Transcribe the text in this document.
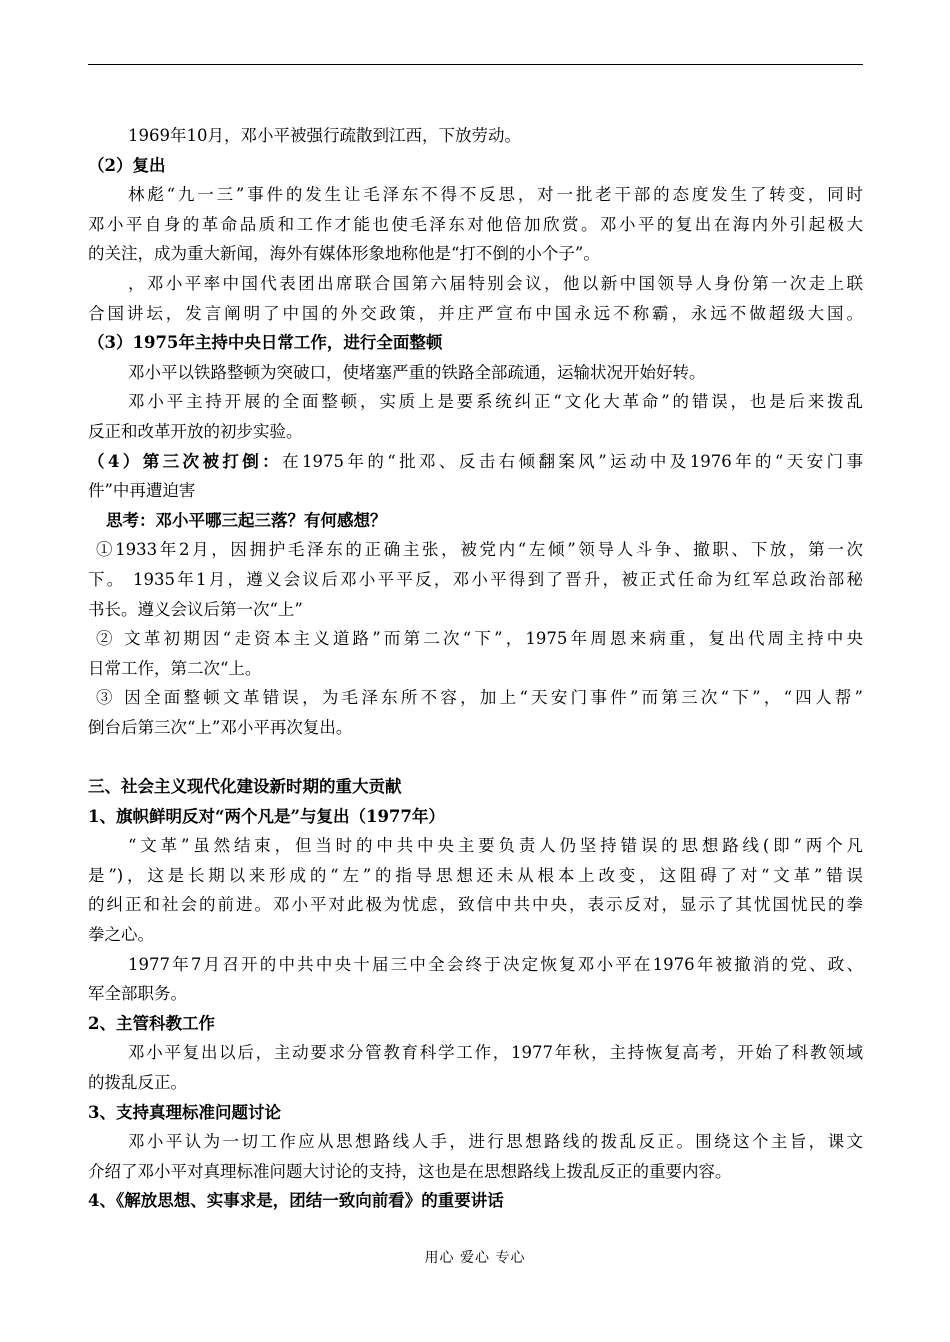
1969年10月，邓小平被强行疏散到江西，下放劳动。
（2）复出
林彪“九一三”事件的发生让毛泽东不得不反思，对一批老干部的态度发生了转变，同时
邓小平自身的革命品质和工作才能也使毛泽东对他倍加欣赏。邓小平的复出在海内外引起极大
的关注，成为重大新闻，海外有媒体形象地称他是“打不倒的小个子”。
，邓小平率中国代表团出席联合国第六届特别会议，他以新中国领导人身份第一次走上联
合国讲坛，发言阐明了中国的外交政策，并庄严宣布中国永远不称霸，永远不做超级大国。
（3）1975年主持中央日常工作，进行全面整顿
邓小平以铁路整顿为突破口，使堵塞严重的铁路全部疏通，运输状况开始好转。
邓小平主持开展的全面整顿，实质上是要系统纠正“文化大革命”的错误，也是后来拨乱
反正和改革开放的初步实验。
（4）第三次被打倒：在1975年的“批邓、反击右倾翻案风”运动中及1976年的“天安门事
件”中再遭迫害
思考：邓小平哪三起三落？有何感想？
①1933年2月，因拥护毛泽东的正确主张，被党内“左倾”领导人斗争、撤职、下放，第一次
下。 1935年1月，遵义会议后邓小平平反，邓小平得到了晋升，被正式任命为红军总政治部秘
书长。遵义会议后第一次“上”
② 文革初期因“走资本主义道路”而第二次“下”，1975年周恩来病重，复出代周主持中央
日常工作，第二次“上。
③ 因全面整顿文革错误，为毛泽东所不容，加上“天安门事件”而第三次“下”，“四人帮”
倒台后第三次“上”邓小平再次复出。
三、社会主义现代化建设新时期的重大贡献
1、旗帜鲜明反对“两个凡是”与复出（1977年）
“文革”虽然结束，但当时的中共中央主要负责人仍坚持错误的思想路线(即“两个凡
是”)，这是长期以来形成的“左”的指导思想还未从根本上改变，这阻碍了对“文革”错误
的纠正和社会的前进。邓小平对此极为忧虑，致信中共中央，表示反对，显示了其忧国忧民的拳
拳之心。
1977年7月召开的中共中央十届三中全会终于决定恢复邓小平在1976年被撤消的党、政、
军全部职务。
2、主管科教工作
邓小平复出以后，主动要求分管教育科学工作，1977年秋，主持恢复高考，开始了科教领域
的拨乱反正。
3、支持真理标准问题讨论
邓小平认为一切工作应从思想路线人手，进行思想路线的拨乱反正。围绕这个主旨，课文
介绍了邓小平对真理标准问题大讨论的支持，这也是在思想路线上拨乱反正的重要内容。
4、《解放思想、实事求是，团结一致向前看》的重要讲话
用心 爱心 专心
